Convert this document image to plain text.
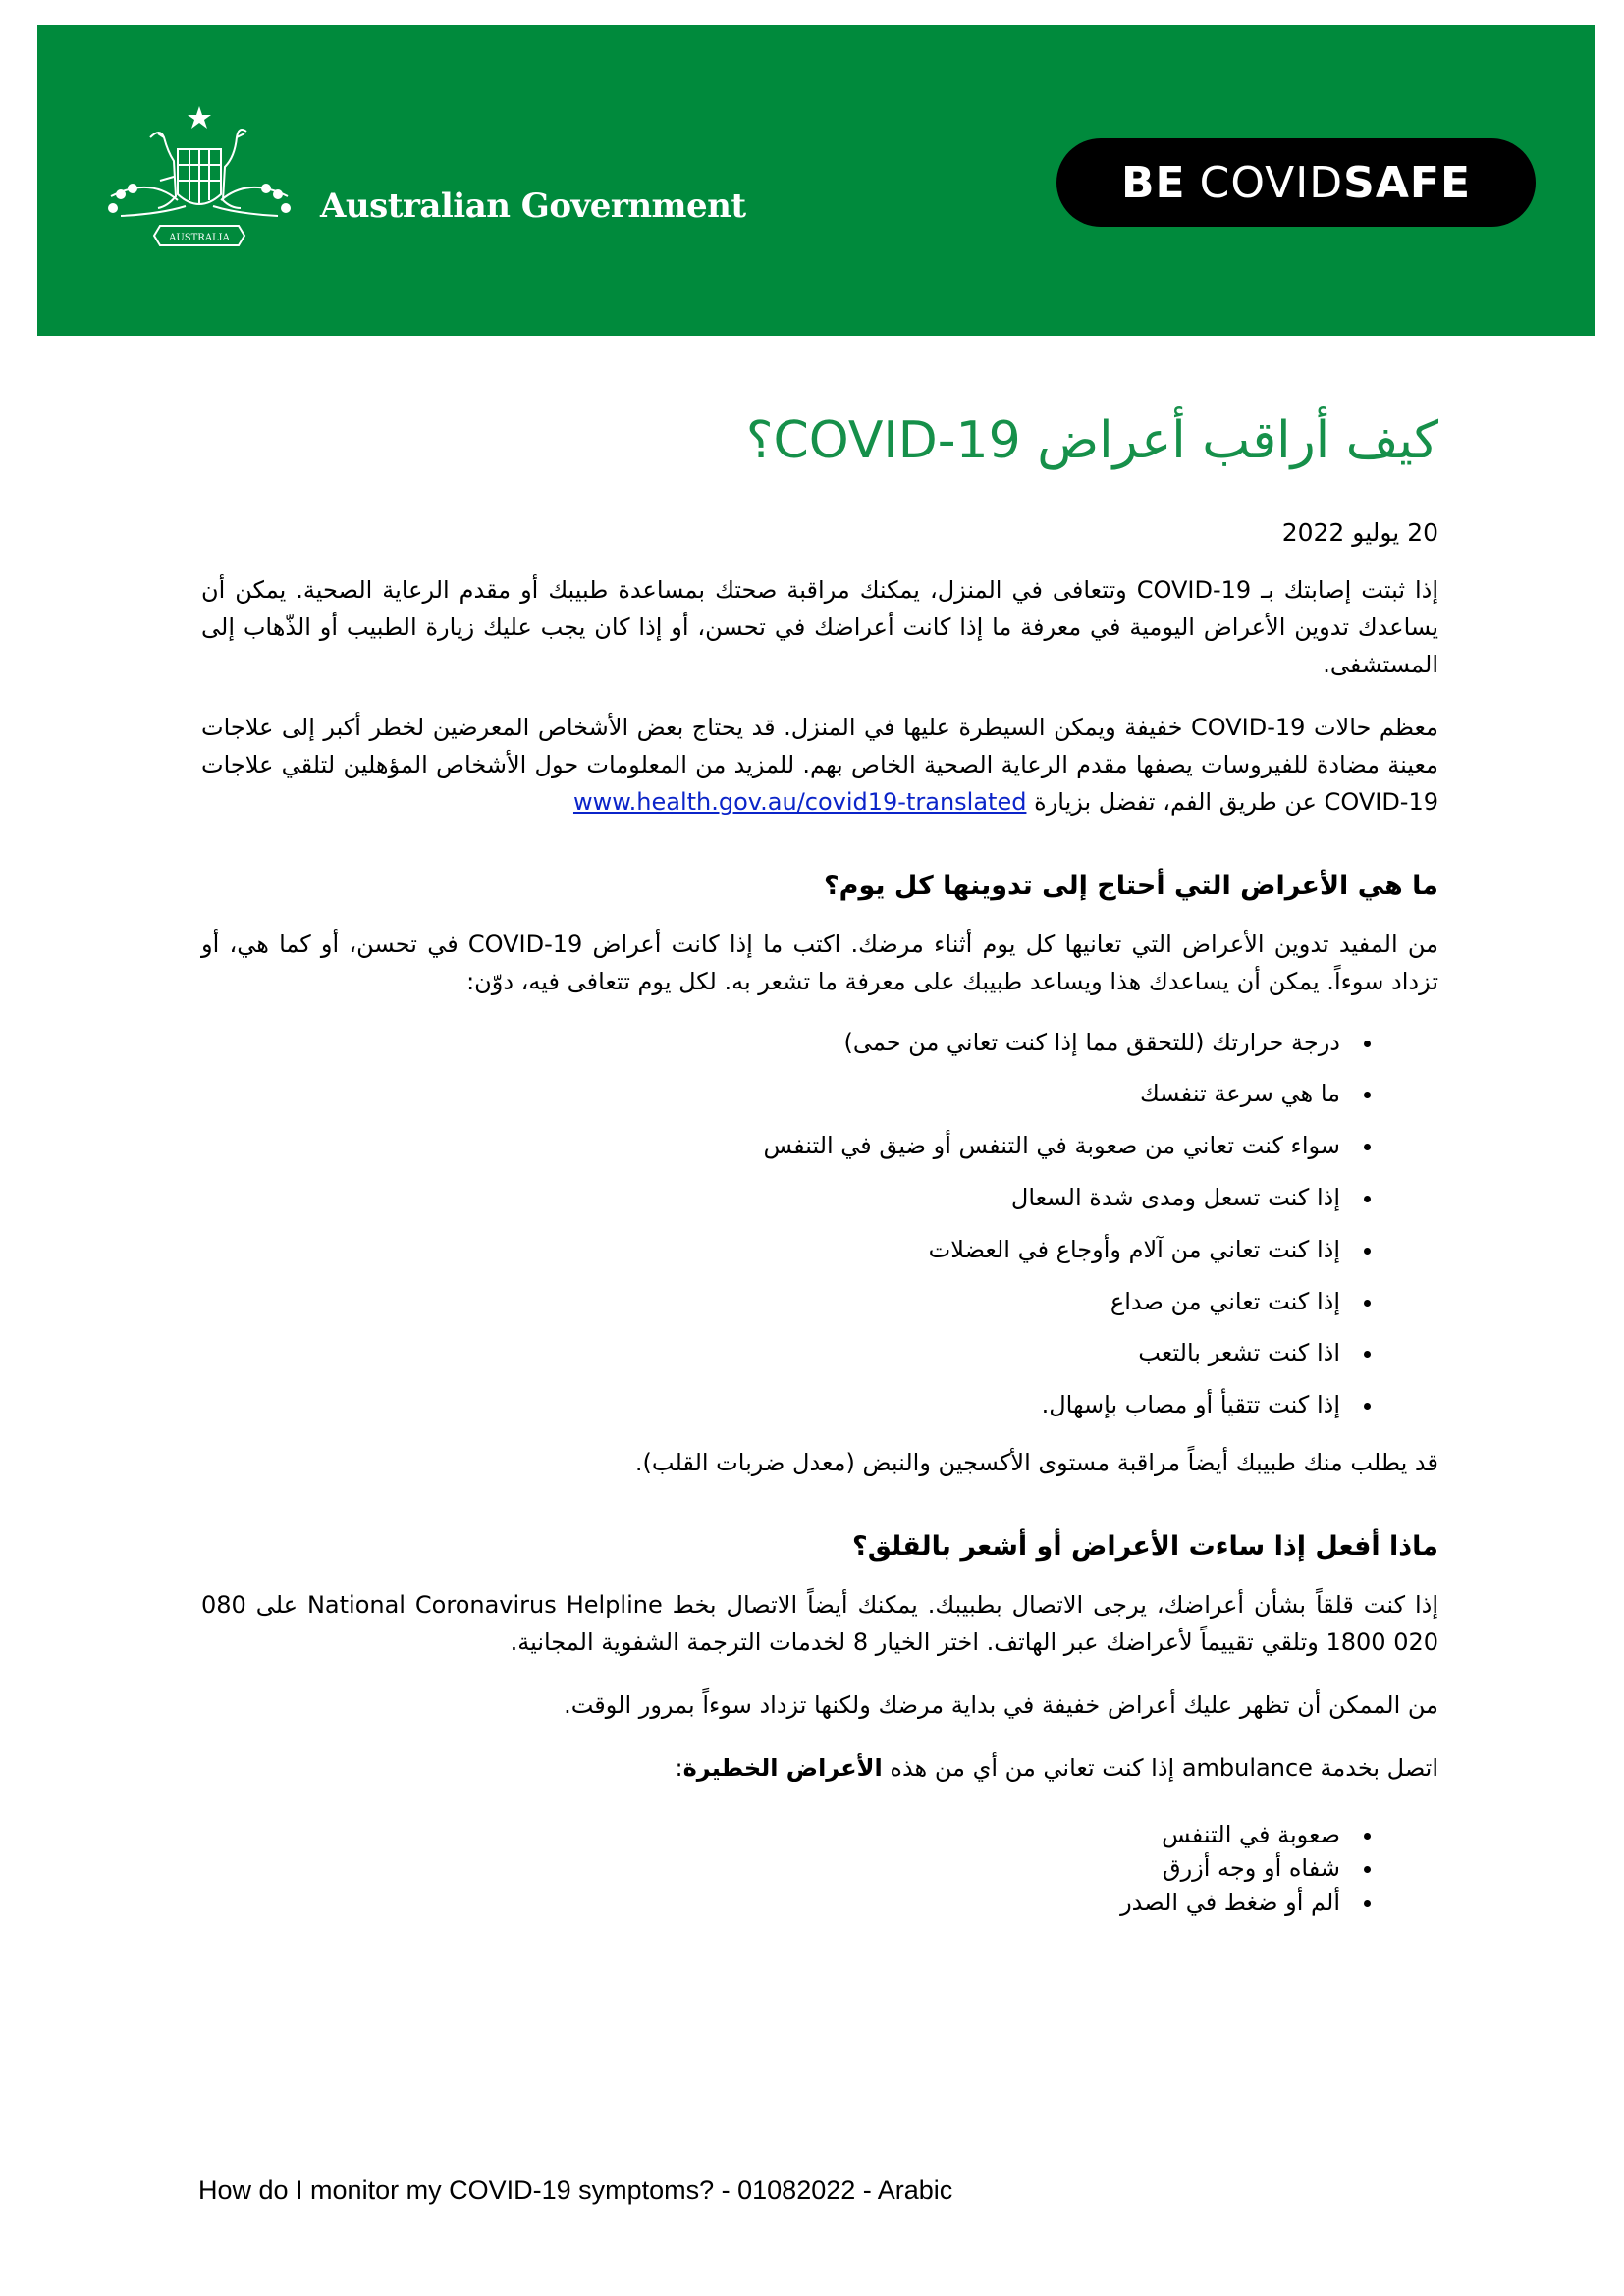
AUSTRALIA
Australian Government	BE COVID SAFE
كيف أراقب أعراض COVID-19؟
20 يوليو 2022

إذا ثبتت إصابتك بـ COVID-19 وتتعافى في المنزل، يمكنك مراقبة صحتك بمساعدة طبيبك أو مقدم الرعاية الصحية. يمكن أن يساعدك تدوين الأعراض اليومية في معرفة ما إذا كانت أعراضك في تحسن، أو إذا كان يجب عليك زيارة الطبيب أو الذّهاب إلى المستشفى.

معظم حالات COVID-19 خفيفة ويمكن السيطرة عليها في المنزل. قد يحتاج بعض الأشخاص المعرضين لخطر أكبر إلى علاجات معينة مضادة للفيروسات يصفها مقدم الرعاية الصحية الخاص بهم. للمزيد من المعلومات حول الأشخاص المؤهلين لتلقي علاجات COVID-19 عن طريق الفم، تفضل بزيارة www.health.gov.au/covid19-translated

ما هي الأعراض التي أحتاج إلى تدوينها كل يوم؟

من المفيد تدوين الأعراض التي تعانيها كل يوم أثناء مرضك. اكتب ما إذا كانت أعراض COVID-19 في تحسن، أو كما هي، أو تزداد سوءاً. يمكن أن يساعدك هذا ويساعد طبيبك على معرفة ما تشعر به. لكل يوم تتعافى فيه، دوّن:

• درجة حرارتك (للتحقق مما إذا كنت تعاني من حمى)
• ما هي سرعة تنفسك
• سواء كنت تعاني من صعوبة في التنفس أو ضيق في التنفس
• إذا كنت تسعل ومدى شدة السعال
• إذا كنت تعاني من آلام وأوجاع في العضلات
• إذا كنت تعاني من صداع
• اذا كنت تشعر بالتعب
• إذا كنت تتقيأ أو مصاب بإسهال.

قد يطلب منك طبيبك أيضاً مراقبة مستوى الأكسجين والنبض (معدل ضربات القلب).

ماذا أفعل إذا ساءت الأعراض أو أشعر بالقلق؟

إذا كنت قلقاً بشأن أعراضك، يرجى الاتصال بطبيبك. يمكنك أيضاً الاتصال بخط National Coronavirus Helpline على 080 020 1800 وتلقي تقييماً لأعراضك عبر الهاتف. اختر الخيار 8 لخدمات الترجمة الشفوية المجانية.

من الممكن أن تظهر عليك أعراض خفيفة في بداية مرضك ولكنها تزداد سوءاً بمرور الوقت.

اتصل بخدمة ambulance إذا كنت تعاني من أي من هذه الأعراض الخطيرة:

• صعوبة في التنفس
• شفاه أو وجه أزرق
• ألم أو ضغط في الصدر
How do I monitor my COVID-19 symptoms? - 01082022 - Arabic
